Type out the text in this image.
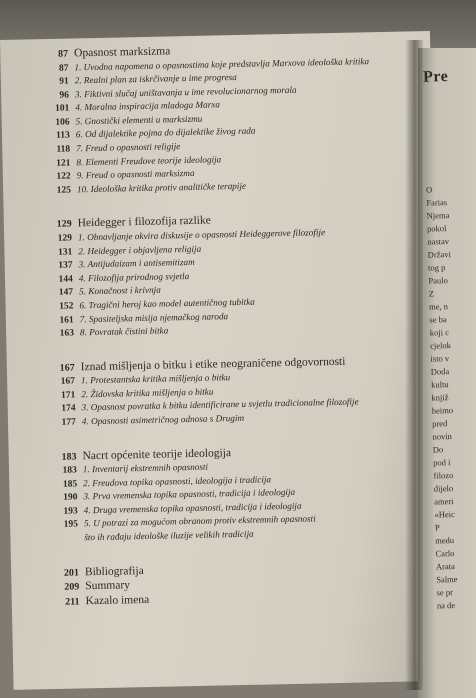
87 Opasnost marksizma
87 1. Uvodna napomena o opasnostima koje predstavlja Marxova ideološka kritika
91 2. Realni plan za iskrčivanje u ime progresa
96 3. Fiktivni slučaj uništavanja u ime revolucionarnog morala
101 4. Moralna inspiracija mladoga Marxa
106 5. Gnostički elementi u marksizmu
113 6. Od dijalektike pojma do dijalektike živog rada
118 7. Freud o opasnosti religije
121 8. Elementi Freudove teorije ideologija
122 9. Freud o opasnosti marksizma
125 10. Ideološka kritika protiv analitičke terapije
129 Heidegger i filozofija razlike
129 1. Obnavljanje okvira diskusije o opasnosti Heideggerove filozofije
131 2. Heidegger i objavljena religija
137 3. Antijudaizam i antisemitizam
144 4. Filozofija prirodnog svjetla
147 5. Konačnost i krivnja
152 6. Tragični heroj kao model autentičnog tubitka
161 7. Spasiteljska misija njemačkog naroda
163 8. Povratak čistini bitka
167 Iznad mišljenja o bitku i etike neograničene odgovornosti
167 1. Protestantska kritika mišljenja o bitku
171 2. Židovska kritika mišljenja o bitku
174 3. Opasnost povratka k bitku identificirane u svjetlu tradicionalne filozofije
177 4. Opasnosti asimetričnog odnosa s Drugim
183 Nacrt općenite teorije ideologija
183 1. Inventarij ekstremnih opasnosti
185 2. Freudova topika opasnosti, ideologija i tradicija
190 3. Prva vremenska topika opasnosti, tradicija i ideologija
193 4. Druga vremenska topika opasnosti, tradicija i ideologija
195 5. U potrazi za mogućom obranom protiv ekstremnih opasnosti
što ih rađaju ideološke iluzije velikih tradicija
201 Bibliografija
209 Summary
211 Kazalo imena
Pre
O
Farias
Njema
pokol
nastav
Državi
tog p
Paulo
Z
me, n
se ba
koji c
cjelok
isto v
Doda
kultu
knjiž
heimo
pred
novin
Do
pod i
filozo
dijelo
ameri
«Heic
P
medu
Carlo
Arata
Salme
se pr
na de
